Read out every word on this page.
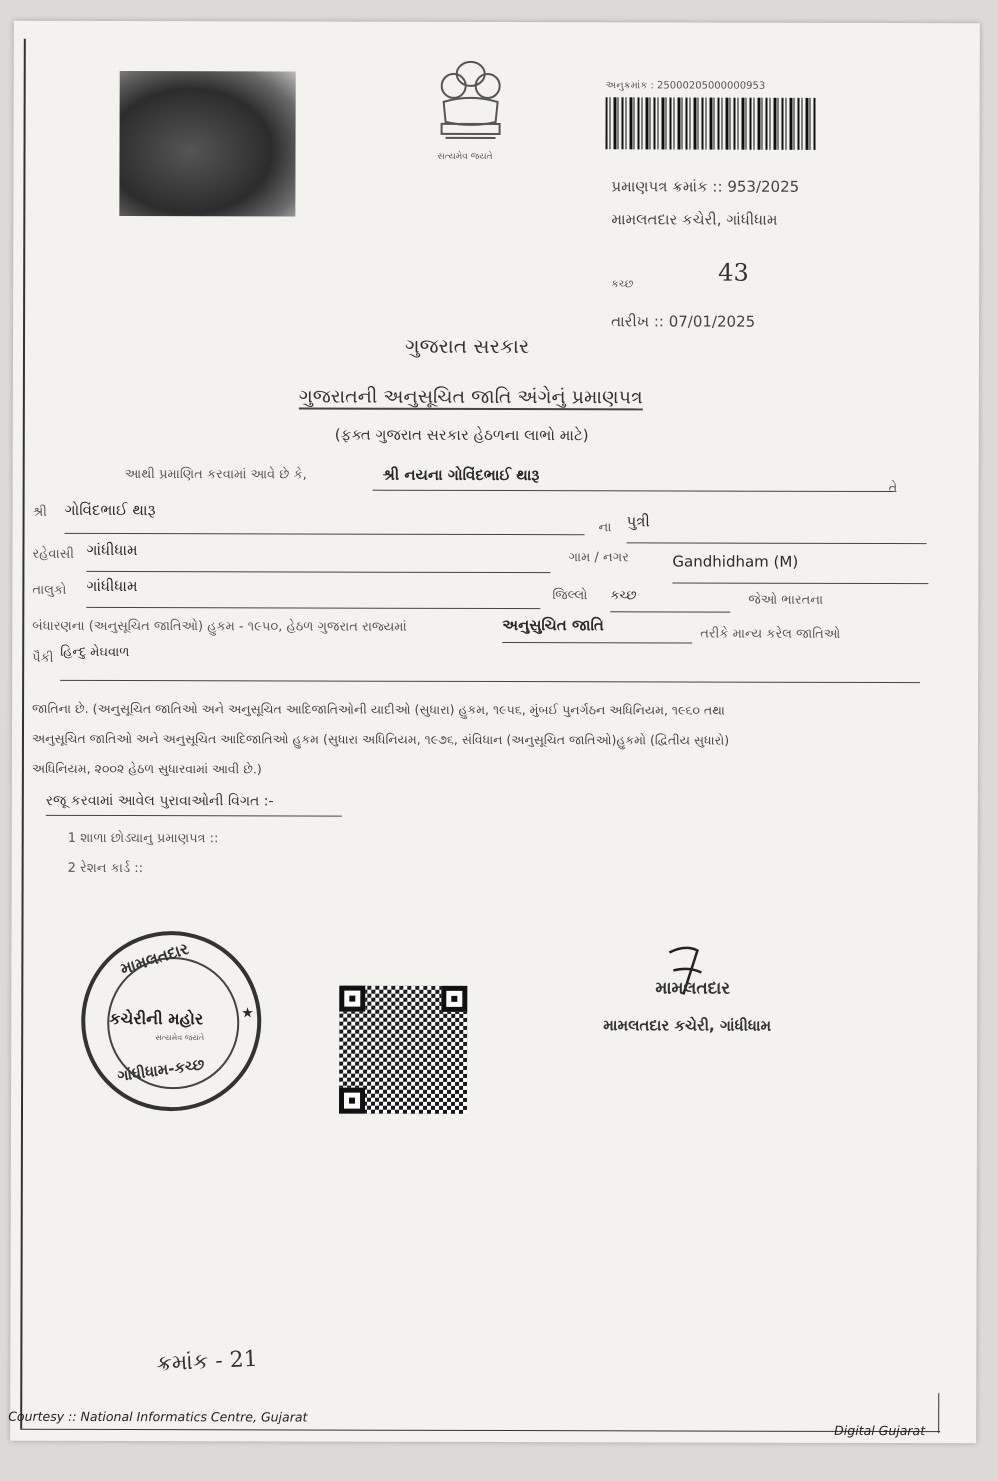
સત્યમેવ જયતે
અનુક્રમાંક : 25000205000000953
પ્રમાણપત્ર ક્રમાંક :: 953/2025
મામલતદાર કચેરી, ગાંધીધામ
કચ્છ	43
તારીખ :: 07/01/2025
ગુજરાત સરકાર
ગુજરાતની અનુસૂચિત જાતિ અંગેનું પ્રમાણપત્ર
(ફક્ત ગુજરાત સરકાર હેઠળના લાભો માટે)
આથી પ્રમાણિત કરવામાં આવે છે કે,	શ્રી નયના ગોવિંદભાઈ થારૂ
તે
શ્રી ગોવિંદભાઈ થારૂ
ના પુત્રી
રહેવાસી ગાંધીધામ	ગામ / નગર	Gandhidham (M)
તાલુકો ગાંધીધામ
જિલ્લો કચ્છ	જેઓ ભારતના
બંધારણના (અનુસૂચિત જાતિઓ) હુકમ - ૧૯૫૦, હેઠળ ગુજરાત રાજ્યમાં	અનુસુચિત જાતિ	તરીકે માન્ય કરેલ જાતિઓ
પૈકી હિન્દુ મેઘવાળ
જાતિના છે. (અનુસૂચિત જાતિઓ અને અનુસૂચિત આદિજાતિઓની યાદીઓ (સુધારા) હુકમ, ૧૯૫૬, મુંબઈ પુનર્ગઠન અધિનિયમ, ૧૯૬૦ તથા
અનુસૂચિત જાતિઓ અને અનુસૂચિત આદિજાતિઓ હુકમ (સુધારા અધિનિયમ, ૧૯૭૬, સંવિધાન (અનુસૂચિત જાતિઓ)હુકમો (દ્વિતીય સુધારો)
અધિનિયમ, ૨૦૦૨ હેઠળ સુધારવામાં આવી છે.)
રજૂ કરવામાં આવેલ પુરાવાઓની વિગત :-
1 શાળા છોડ્યાનુ પ્રમાણપત્ર ::
2 રેશન કાર્ડ ::
મામલતદાર
કચેરીની મહોર
સત્યમેવ જયતે
ગાંધીધામ-કચ્છ
★
મામલતદાર
મામલતદાર કચેરી, ગાંધીધામ
ક્રમાંક - 21
Courtesy :: National Informatics Centre, Gujarat
Digital Gujarat
